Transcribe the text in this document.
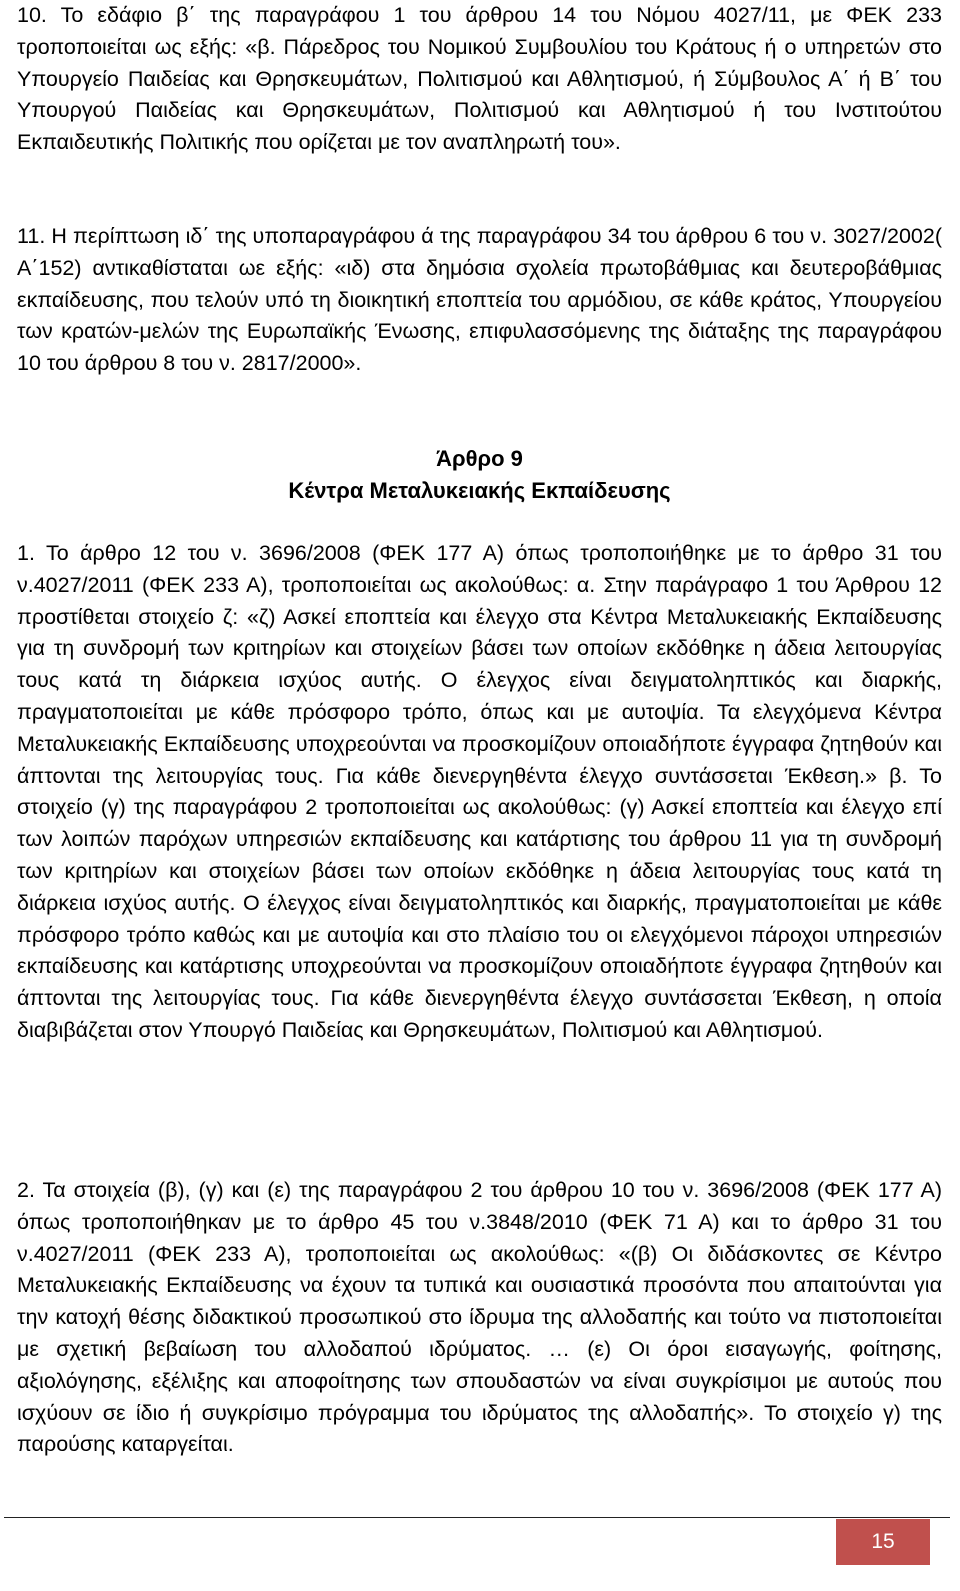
10. Το εδάφιο β΄ της παραγράφου 1 του άρθρου 14 του Νόμου 4027/11, με ΦΕΚ 233 τροποποιείται ως εξής: «β. Πάρεδρος του Νομικού Συμβουλίου του Κράτους ή ο υπηρετών στο Υπουργείο Παιδείας και Θρησκευμάτων, Πολιτισμού και Αθλητισμού, ή Σύμβουλος Α΄ ή Β΄ του Υπουργού Παιδείας και Θρησκευμάτων, Πολιτισμού και Αθλητισμού ή του Ινστιτούτου Εκπαιδευτικής Πολιτικής που ορίζεται με τον αναπληρωτή του».

11. Η περίπτωση ιδ΄ της υποπαραγράφου ά της παραγράφου 34 του άρθρου 6 του ν. 3027/2002( Α΄152) αντικαθίσταται ωε εξής: «ιδ) στα δημόσια σχολεία πρωτοβάθμιας και δευτεροβάθμιας εκπαίδευσης, που τελούν υπό τη διοικητική εποπτεία του αρμόδιου, σε κάθε κράτος, Υπουργείου των κρατών-μελών της Ευρωπαϊκής Ένωσης, επιφυλασσόμενης της διάταξης της παραγράφου 10 του άρθρου 8 του ν. 2817/2000».

Άρθρο 9
Κέντρα Μεταλυκειακής Εκπαίδευσης

1. Το άρθρο 12 του ν. 3696/2008 (ΦΕΚ 177 Α) όπως τροποποιήθηκε με το άρθρο 31 του ν.4027/2011 (ΦΕΚ 233 Α), τροποποιείται ως ακολούθως: α. Στην παράγραφο 1 του Άρθρου 12 προστίθεται στοιχείο ζ: «ζ) Ασκεί εποπτεία και έλεγχο στα Κέντρα Μεταλυκειακής Εκπαίδευσης για τη συνδρομή των κριτηρίων και στοιχείων βάσει των οποίων εκδόθηκε η άδεια λειτουργίας τους κατά τη διάρκεια ισχύος αυτής. Ο έλεγχος είναι δειγματοληπτικός και διαρκής, πραγματοποιείται με κάθε πρόσφορο τρόπο, όπως και με αυτοψία. Τα ελεγχόμενα Κέντρα Μεταλυκειακής Εκπαίδευσης υποχρεούνται να προσκομίζουν οποιαδήποτε έγγραφα ζητηθούν και άπτονται της λειτουργίας τους. Για κάθε διενεργηθέντα έλεγχο συντάσσεται Έκθεση.» β. Το στοιχείο (γ) της παραγράφου 2 τροποποιείται ως ακολούθως: (γ) Ασκεί εποπτεία και έλεγχο επί των λοιπών παρόχων υπηρεσιών εκπαίδευσης και κατάρτισης του άρθρου 11 για τη συνδρομή των κριτηρίων και στοιχείων βάσει των οποίων εκδόθηκε η άδεια λειτουργίας τους κατά τη διάρκεια ισχύος αυτής. Ο έλεγχος είναι δειγματοληπτικός και διαρκής, πραγματοποιείται με κάθε πρόσφορο τρόπο καθώς και με αυτοψία και στο πλαίσιο του οι ελεγχόμενοι πάροχοι υπηρεσιών εκπαίδευσης και κατάρτισης υποχρεούνται να προσκομίζουν οποιαδήποτε έγγραφα ζητηθούν και άπτονται της λειτουργίας τους. Για κάθε διενεργηθέντα έλεγχο συντάσσεται Έκθεση, η οποία διαβιβάζεται στον Υπουργό Παιδείας και Θρησκευμάτων, Πολιτισμού και Αθλητισμού.

2. Τα στοιχεία (β), (γ) και (ε) της παραγράφου 2 του άρθρου 10 του ν. 3696/2008 (ΦΕΚ 177 Α) όπως τροποποιήθηκαν με το άρθρο 45 του ν.3848/2010 (ΦΕΚ 71 Α) και το άρθρο 31 του ν.4027/2011 (ΦΕΚ 233 Α), τροποποιείται ως ακολούθως: «(β) Οι διδάσκοντες σε Κέντρο Μεταλυκειακής Εκπαίδευσης να έχουν τα τυπικά και ουσιαστικά προσόντα που απαιτούνται για την κατοχή θέσης διδακτικού προσωπικού στο ίδρυμα της αλλοδαπής και τούτο να πιστοποιείται με σχετική βεβαίωση του αλλοδαπού ιδρύματος. … (ε) Οι όροι εισαγωγής, φοίτησης, αξιολόγησης, εξέλιξης και αποφοίτησης των σπουδαστών να είναι συγκρίσιμοι με αυτούς που ισχύουν σε ίδιο ή συγκρίσιμο πρόγραμμα του ιδρύματος της αλλοδαπής». Το στοιχείο γ) της παρούσης καταργείται.

15
